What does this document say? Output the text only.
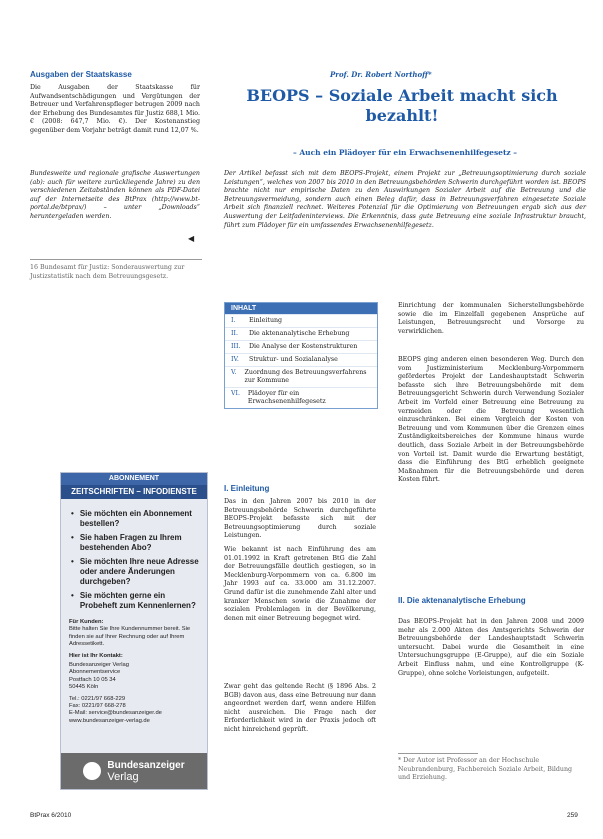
Ausgaben der Staatskasse
Die Ausgaben der Staatskasse für Aufwandsentschädigungen und Vergütungen der Betreuer und Verfahrenspfleger betrugen 2009 nach der Erhebung des Bundesamtes für Justiz 688,1 Mio. € (2008: 647,7 Mio. €). Der Kostenanstieg gegenüber dem Vorjahr beträgt damit rund 12,07 %.
Bundesweite und regionale grafische Auswertungen (ab): auch für weitere zurückliegende Jahre) zu den verschiedenen Zeitabständen können als PDF-Datei auf der Internetseite des BtPrax (http://www.bt-portal.de/btprax/) – unter „Downloads“ heruntergeladen werden.
◀
16 Bundesamt für Justiz: Sonderauswertung zur Justizstatistik nach dem Betreuungsgesetz.
ABONNEMENT
ZEITSCHRIFTEN – INFODIENSTE
• Sie möchten ein Abonnement bestellen?
• Sie haben Fragen zu Ihrem bestehenden Abo?
• Sie möchten Ihre neue Adresse oder andere Änderungen durchgeben?
• Sie möchten gerne ein Probeheft zum Kennenlernen?
Für Kunden:
Bitte halten Sie Ihre Kundennummer bereit. Sie finden sie auf Ihrer Rechnung oder auf Ihrem Adressetikett.
Hier ist Ihr Kontakt:
Bundesanzeiger Verlag
Abonnementservice
Postfach 10 05 34
50445 Köln
Tel.: 0221/97 668-229
Fax: 0221/97 668-278
E-Mail: service@bundesanzeiger.de
www.bundesanzeiger-verlag.de
Bundesanzeiger
Verlag
Prof. Dr. Robert Northoff*
BEOPS – Soziale Arbeit macht sich bezahlt!
– Auch ein Plädoyer für ein Erwachsenenhilfegesetz –
Der Artikel befasst sich mit dem BEOPS-Projekt, einem Projekt zur „Betreuungsoptimierung durch soziale Leistungen“, welches von 2007 bis 2010 in den Betreuungsbehörden Schwerin durchgeführt worden ist. BEOPS brachte nicht nur empirische Daten zu den Auswirkungen Sozialer Arbeit auf die Betreuung und die Betreuungsvermeidung, sondern auch einen Beleg dafür, dass in Betreuungsverfahren eingesetzte Soziale Arbeit sich finanziell rechnet. Weiteres Potenzial für die Optimierung von Betreuungen ergab sich aus der Auswertung der Leitfadeninterviews. Die Erkenntnis, dass gute Betreuung eine soziale Infrastruktur braucht, führt zum Plädoyer für ein umfassendes Erwachsenenhilfegesetz.
INHALT
I.	Einleitung
II.	Die aktenanalytische Erhebung
III.	Die Analyse der Kostenstrukturen
IV.	Struktur- und Sozialanalyse
V.	Zuordnung des Betreuungsverfahrens zur Kommune
VI.	Plädoyer für ein Erwachsenenhilfegesetz
I. Einleitung
Das in den Jahren 2007 bis 2010 in der Betreuungsbehörde Schwerin durchgeführte BEOPS-Projekt befasste sich mit der Betreuungsoptimierung durch soziale Leistungen.
Wie bekannt ist nach Einführung des am 01.01.1992 in Kraft getretenen BtG die Zahl der Betreuungsfälle deutlich gestiegen, so in Mecklenburg-Vorpommern von ca. 6.800 im Jahr 1993 auf ca. 33.000 am 31.12.2007. Grund dafür ist die zunehmende Zahl alter und kranker Menschen sowie die Zunahme der sozialen Problemlagen in der Bevölkerung, denen mit einer Betreuung begegnet wird.
Zwar geht das geltende Recht (§ 1896 Abs. 2 BGB) davon aus, dass eine Betreuung nur dann angeordnet werden darf, wenn andere Hilfen nicht ausreichen. Die Frage nach der Erforderlichkeit wird in der Praxis jedoch oft nicht hinreichend geprüft.
Einrichtung der kommunalen Sicherstellungsbehörde sowie die im Einzelfall gegebenen Ansprüche auf Leistungen, Betreuungsrecht und Vorsorge zu verwirklichen.
BEOPS ging anderen einen besonderen Weg. Durch den vom Justizministerium Mecklenburg-Vorpommern gefördertes Projekt der Landeshauptstadt Schwerin befasste sich ihre Betreuungsbehörde mit dem Betreuungsgericht Schwerin durch Verwendung Sozialer Arbeit im Vorfeld einer Betreuung eine Betreuung zu vermeiden oder die Betreuung wesentlich einzuschränken. Bei einem Vergleich der Kosten von Betreuung und vom Kommunen über die Grenzen eines Zuständigkeitsbereiches der Kommune hinaus wurde deutlich, dass Soziale Arbeit in der Betreuungsbehörde von Vorteil ist. Damit wurde die Erwartung bestätigt, dass die Einführung des BtG erheblich geeignete Maßnahmen für die Betreuungsbehörde und deren Kosten führt.
II. Die aktenanalytische Erhebung
Das BEOPS-Projekt hat in den Jahren 2008 und 2009 mehr als 2.000 Akten des Amtsgerichts Schwerin der Betreuungsbehörde der Landeshauptstadt Schwerin untersucht. Dabei wurde die Gesamtheit in eine Untersuchungsgruppe (E-Gruppe), auf die ein Soziale Arbeit Einfluss nahm, und eine Kontrollgruppe (K-Gruppe), ohne solche Vorleistungen, aufgeteilt.
* Der Autor ist Professor an der Hochschule Neubrandenburg, Fachbereich Soziale Arbeit, Bildung und Erziehung.
BtPrax 6/2010	259
